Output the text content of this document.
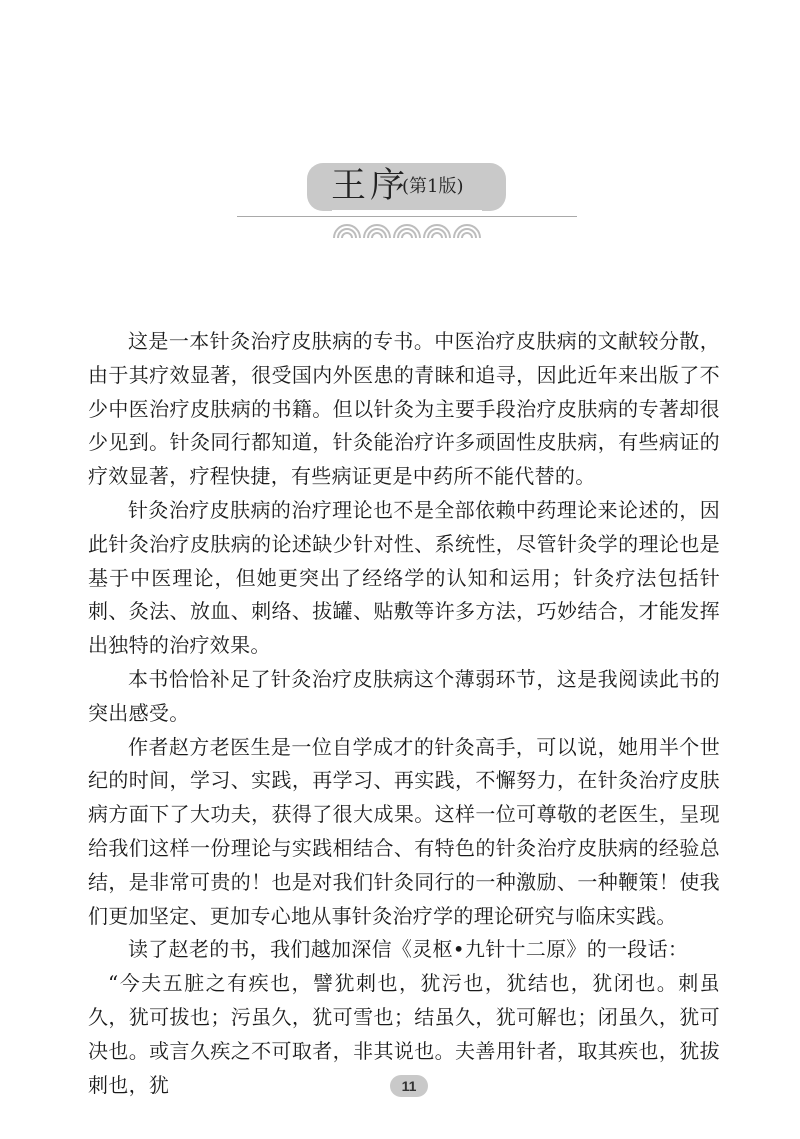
王序
(第1版)

这是一本针灸治疗皮肤病的专书。中医治疗皮肤病的文献较分散，由于其疗效显著，很受国内外医患的青睐和追寻，因此近年来出版了不少中医治疗皮肤病的书籍。但以针灸为主要手段治疗皮肤病的专著却很少见到。针灸同行都知道，针灸能治疗许多顽固性皮肤病，有些病证的疗效显著，疗程快捷，有些病证更是中药所不能代替的。

针灸治疗皮肤病的治疗理论也不是全部依赖中药理论来论述的，因此针灸治疗皮肤病的论述缺少针对性、系统性，尽管针灸学的理论也是基于中医理论，但她更突出了经络学的认知和运用；针灸疗法包括针刺、灸法、放血、刺络、拔罐、贴敷等许多方法，巧妙结合，才能发挥出独特的治疗效果。

本书恰恰补足了针灸治疗皮肤病这个薄弱环节，这是我阅读此书的突出感受。

作者赵方老医生是一位自学成才的针灸高手，可以说，她用半个世纪的时间，学习、实践，再学习、再实践，不懈努力，在针灸治疗皮肤病方面下了大功夫，获得了很大成果。这样一位可尊敬的老医生，呈现给我们这样一份理论与实践相结合、有特色的针灸治疗皮肤病的经验总结，是非常可贵的！也是对我们针灸同行的一种激励、一种鞭策！使我们更加坚定、更加专心地从事针灸治疗学的理论研究与临床实践。

读了赵老的书，我们越加深信《灵枢•九针十二原》的一段话：

“今夫五脏之有疾也，譬犹刺也，犹污也，犹结也，犹闭也。刺虽久，犹可拔也；污虽久，犹可雪也；结虽久，犹可解也；闭虽久，犹可决也。或言久疾之不可取者，非其说也。夫善用针者，取其疾也，犹拔刺也，犹	11
